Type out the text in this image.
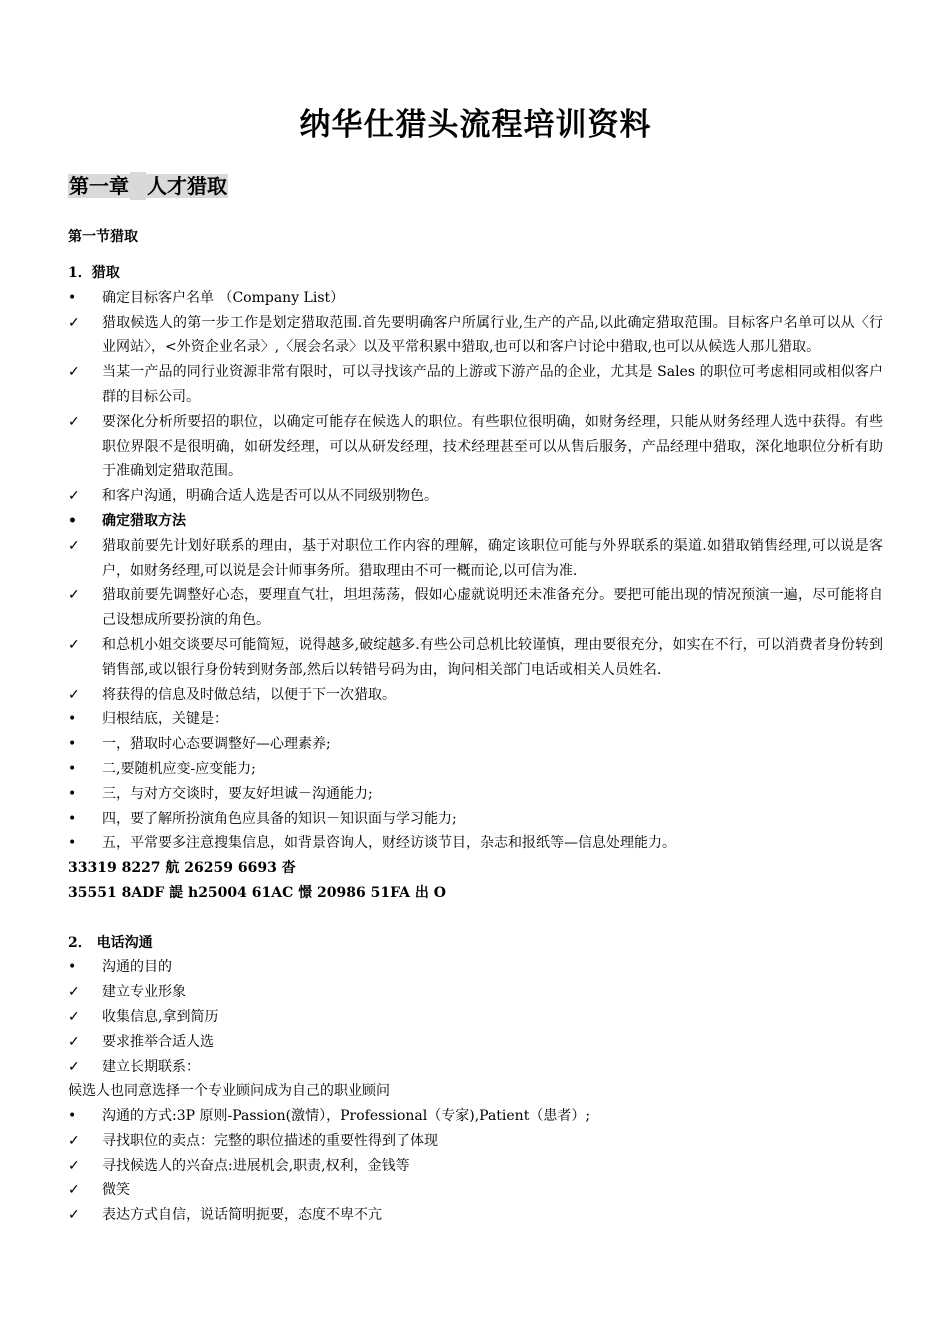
纳华仕猎头流程培训资料
第一章 人才猎取
第一节猎取
1．猎取
•	确定目标客户名单 （Company List）
✓	猎取候选人的第一步工作是划定猎取范围.首先要明确客户所属行业,生产的产品,以此确定猎取范围。目标客户名单可以从〈行业网站〉，<外资企业名录〉,〈展会名录〉以及平常积累中猎取,也可以和客户讨论中猎取,也可以从候选人那儿猎取。
✓	当某一产品的同行业资源非常有限时，可以寻找该产品的上游或下游产品的企业，尤其是 Sales 的职位可考虑相同或相似客户群的目标公司。
✓	要深化分析所要招的职位，以确定可能存在候选人的职位。有些职位很明确，如财务经理，只能从财务经理人选中获得。有些职位界限不是很明确，如研发经理，可以从研发经理，技术经理甚至可以从售后服务，产品经理中猎取，深化地职位分析有助于准确划定猎取范围。
✓	和客户沟通，明确合适人选是否可以从不同级别物色。
•	确定猎取方法
✓	猎取前要先计划好联系的理由，基于对职位工作内容的理解，确定该职位可能与外界联系的渠道.如猎取销售经理,可以说是客户，如财务经理,可以说是会计师事务所。猎取理由不可一概而论,以可信为准.
✓	猎取前要先调整好心态，要理直气壮，坦坦荡荡，假如心虚就说明还未准备充分。要把可能出现的情况预演一遍，尽可能将自己设想成所要扮演的角色。
✓	和总机小姐交谈要尽可能简短，说得越多,破绽越多.有些公司总机比较谨慎，理由要很充分，如实在不行，可以消费者身份转到销售部,或以银行身份转到财务部,然后以转错号码为由，询问相关部门电话或相关人员姓名.
✓	将获得的信息及时做总结，以便于下一次猎取。
•	归根结底，关键是：
•	一，猎取时心态要调整好—心理素养;
•	二,要随机应变-应变能力;
•	三，与对方交谈时，要友好坦诚－沟通能力;
•	四，要了解所扮演角色应具备的知识－知识面与学习能力;
•	五，平常要多注意搜集信息，如背景咨询人，财经访谈节目，杂志和报纸等—信息处理能力。
33319 8227 航 26259 6693 沓
35551 8ADF 諟 h25004 61AC 憬 20986 51FA 出 O
2． 电话沟通
•	沟通的目的
✓	建立专业形象
✓	收集信息,拿到简历
✓	要求推举合适人选
✓	建立长期联系：
候选人也同意选择一个专业顾问成为自己的职业顾问
•	沟通的方式:3P 原则-Passion(激情），Professional（专家),Patient（患者）;
✓	寻找职位的卖点：完整的职位描述的重要性得到了体现
✓	寻找候选人的兴奋点:进展机会,职责,权利，金钱等
✓	微笑
✓	表达方式自信，说话简明扼要，态度不卑不亢
